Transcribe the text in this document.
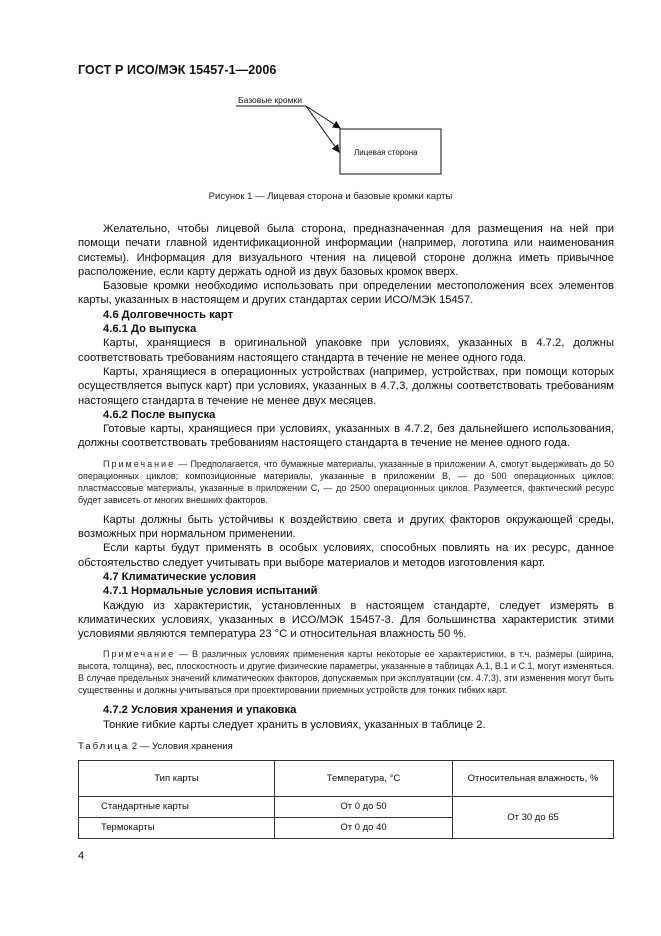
ГОСТ Р ИСО/МЭК 15457-1—2006
Базовые кромки
Лицевая сторона
Рисунок 1 — Лицевая сторона и базовые кромки карты

Желательно, чтобы лицевой была сторона, предназначенная для размещения на ней при помощи печати главной идентификационной информации (например, логотипа или наименования системы). Информация для визуального чтения на лицевой стороне должна иметь привычное расположение, если карту держать одной из двух базовых кромок вверх.

Базовые кромки необходимо использовать при определении местоположения всех элементов карты, указанных в настоящем и других стандартах серии ИСО/МЭК 15457.

4.6 Долговечность карт

4.6.1 До выпуска

Карты, хранящиеся в оригинальной упаковке при условиях, указанных в 4.7.2, должны соответствовать требованиям настоящего стандарта в течение не менее одного года.

Карты, хранящиеся в операционных устройствах (например, устройствах, при помощи которых осуществляется выпуск карт) при условиях, указанных в 4.7.3, должны соответствовать требованиям настоящего стандарта в течение не менее двух месяцев.

4.6.2 После выпуска

Готовые карты, хранящиеся при условиях, указанных в 4.7.2, без дальнейшего использования, должны соответствовать требованиям настоящего стандарта в течение не менее одного года.

Примечание — Предполагается, что бумажные материалы, указанные в приложении А, смогут выдерживать до 50 операционных циклов; композиционные материалы, указанные в приложении В, — до 500 операционных циклов; пластмассовые материалы, указанные в приложении С, — до 2500 операционных циклов. Разумеется, фактический ресурс будет зависеть от многих внешних факторов.

Карты должны быть устойчивы к воздействию света и других факторов окружающей среды, возможных при нормальном применении.

Если карты будут применять в особых условиях, способных повлиять на их ресурс, данное обстоятельство следует учитывать при выборе материалов и методов изготовления карт.

4.7 Климатические условия

4.7.1 Нормальные условия испытаний

Каждую из характеристик, установленных в настоящем стандарте, следует измерять в климатических условиях, указанных в ИСО/МЭК 15457-3. Для большинства характеристик этими условиями являются температура 23 °С и относительная влажность 50 %.

Примечание — В различных условиях применения карты некоторые ее характеристики, в т.ч. размеры (ширина, высота, толщина), вес, плоскостность и другие физические параметры, указанные в таблицах А.1, В.1 и С.1, могут изменяться. В случае предельных значений климатических факторов, допускаемых при эксплуатации (см. 4.7.3), эти изменения могут быть существенны и должны учитываться при проектировании приемных устройств для тонких гибких карт.

4.7.2 Условия хранения и упаковка

Тонкие гибкие карты следует хранить в условиях, указанных в таблице 2.

Таблица 2 — Условия хранения
Тип карты	Температура, °С	Относительная влажность, %
Стандартные карты	От 0 до 50	От 30 до 65
Термокарты	От 0 до 40	
4
